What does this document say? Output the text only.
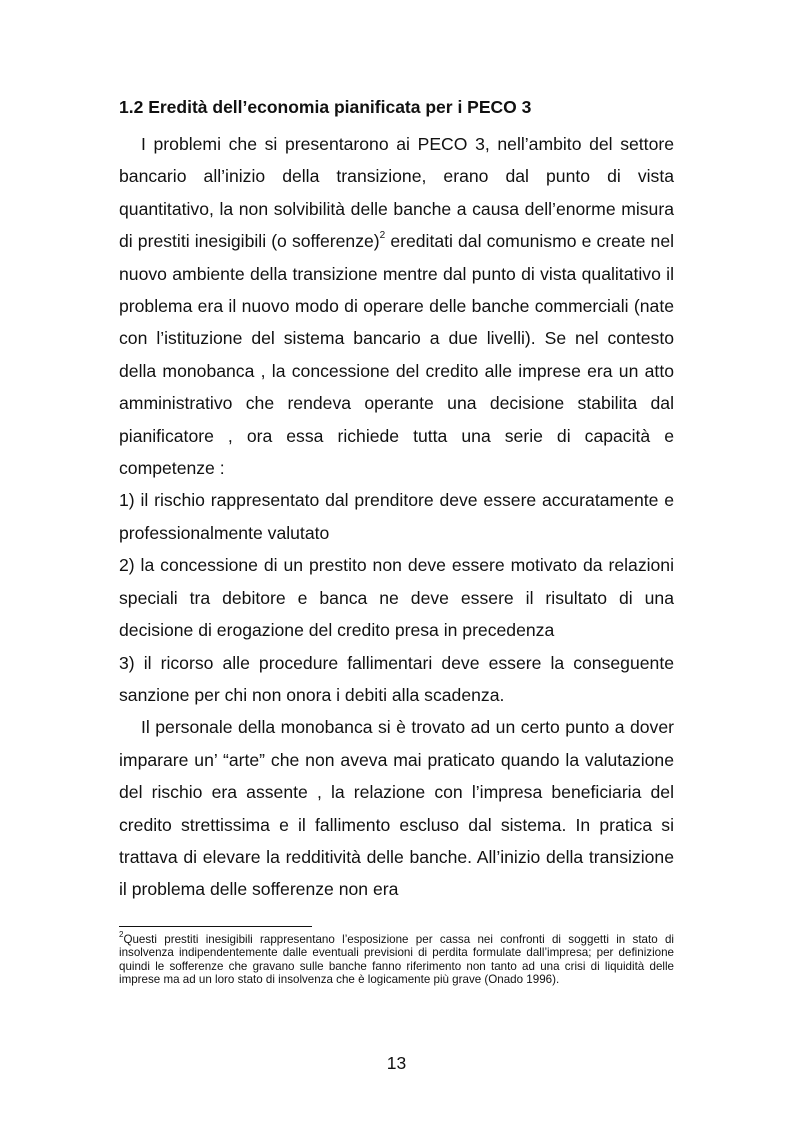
1.2 Eredità dell’economia pianificata per i PECO 3

I problemi che si presentarono ai PECO 3, nell’ambito del settore bancario all’inizio della transizione, erano dal punto di vista quantitativo, la non solvibilità delle banche a causa dell’enorme misura di prestiti inesigibili (o sofferenze)$^2$ ereditati dal comunismo e create nel nuovo ambiente della transizione mentre dal punto di vista qualitativo il problema era il nuovo modo di operare delle banche commerciali (nate con l’istituzione del sistema bancario a due livelli). Se nel contesto della monobanca , la concessione del credito alle imprese era un atto amministrativo che rendeva operante una decisione stabilita dal pianificatore , ora essa richiede tutta una serie di capacità e competenze :

1) il rischio rappresentato dal prenditore deve essere accuratamente e professionalmente valutato

2) la concessione di un prestito non deve essere motivato da relazioni speciali tra debitore e banca ne deve essere il risultato di una decisione di erogazione del credito presa in precedenza

3) il ricorso alle procedure fallimentari deve essere la conseguente sanzione per chi non onora i debiti alla scadenza.

Il personale della monobanca si è trovato ad un certo punto a dover imparare un’ “arte” che non aveva mai praticato quando la valutazione del rischio era assente , la relazione con l’impresa beneficiaria del credito strettissima e il fallimento escluso dal sistema. In pratica si trattava di elevare la redditività delle banche. All’inizio della transizione il problema delle sofferenze non era

$^2$Questi prestiti inesigibili rappresentano l’esposizione per cassa nei confronti di soggetti in stato di insolvenza indipendentemente dalle eventuali previsioni di perdita formulate dall’impresa; per definizione quindi le sofferenze che gravano sulle banche fanno riferimento non tanto ad una crisi di liquidità delle imprese ma ad un loro stato di insolvenza che è logicamente più grave (Onado 1996).
13
